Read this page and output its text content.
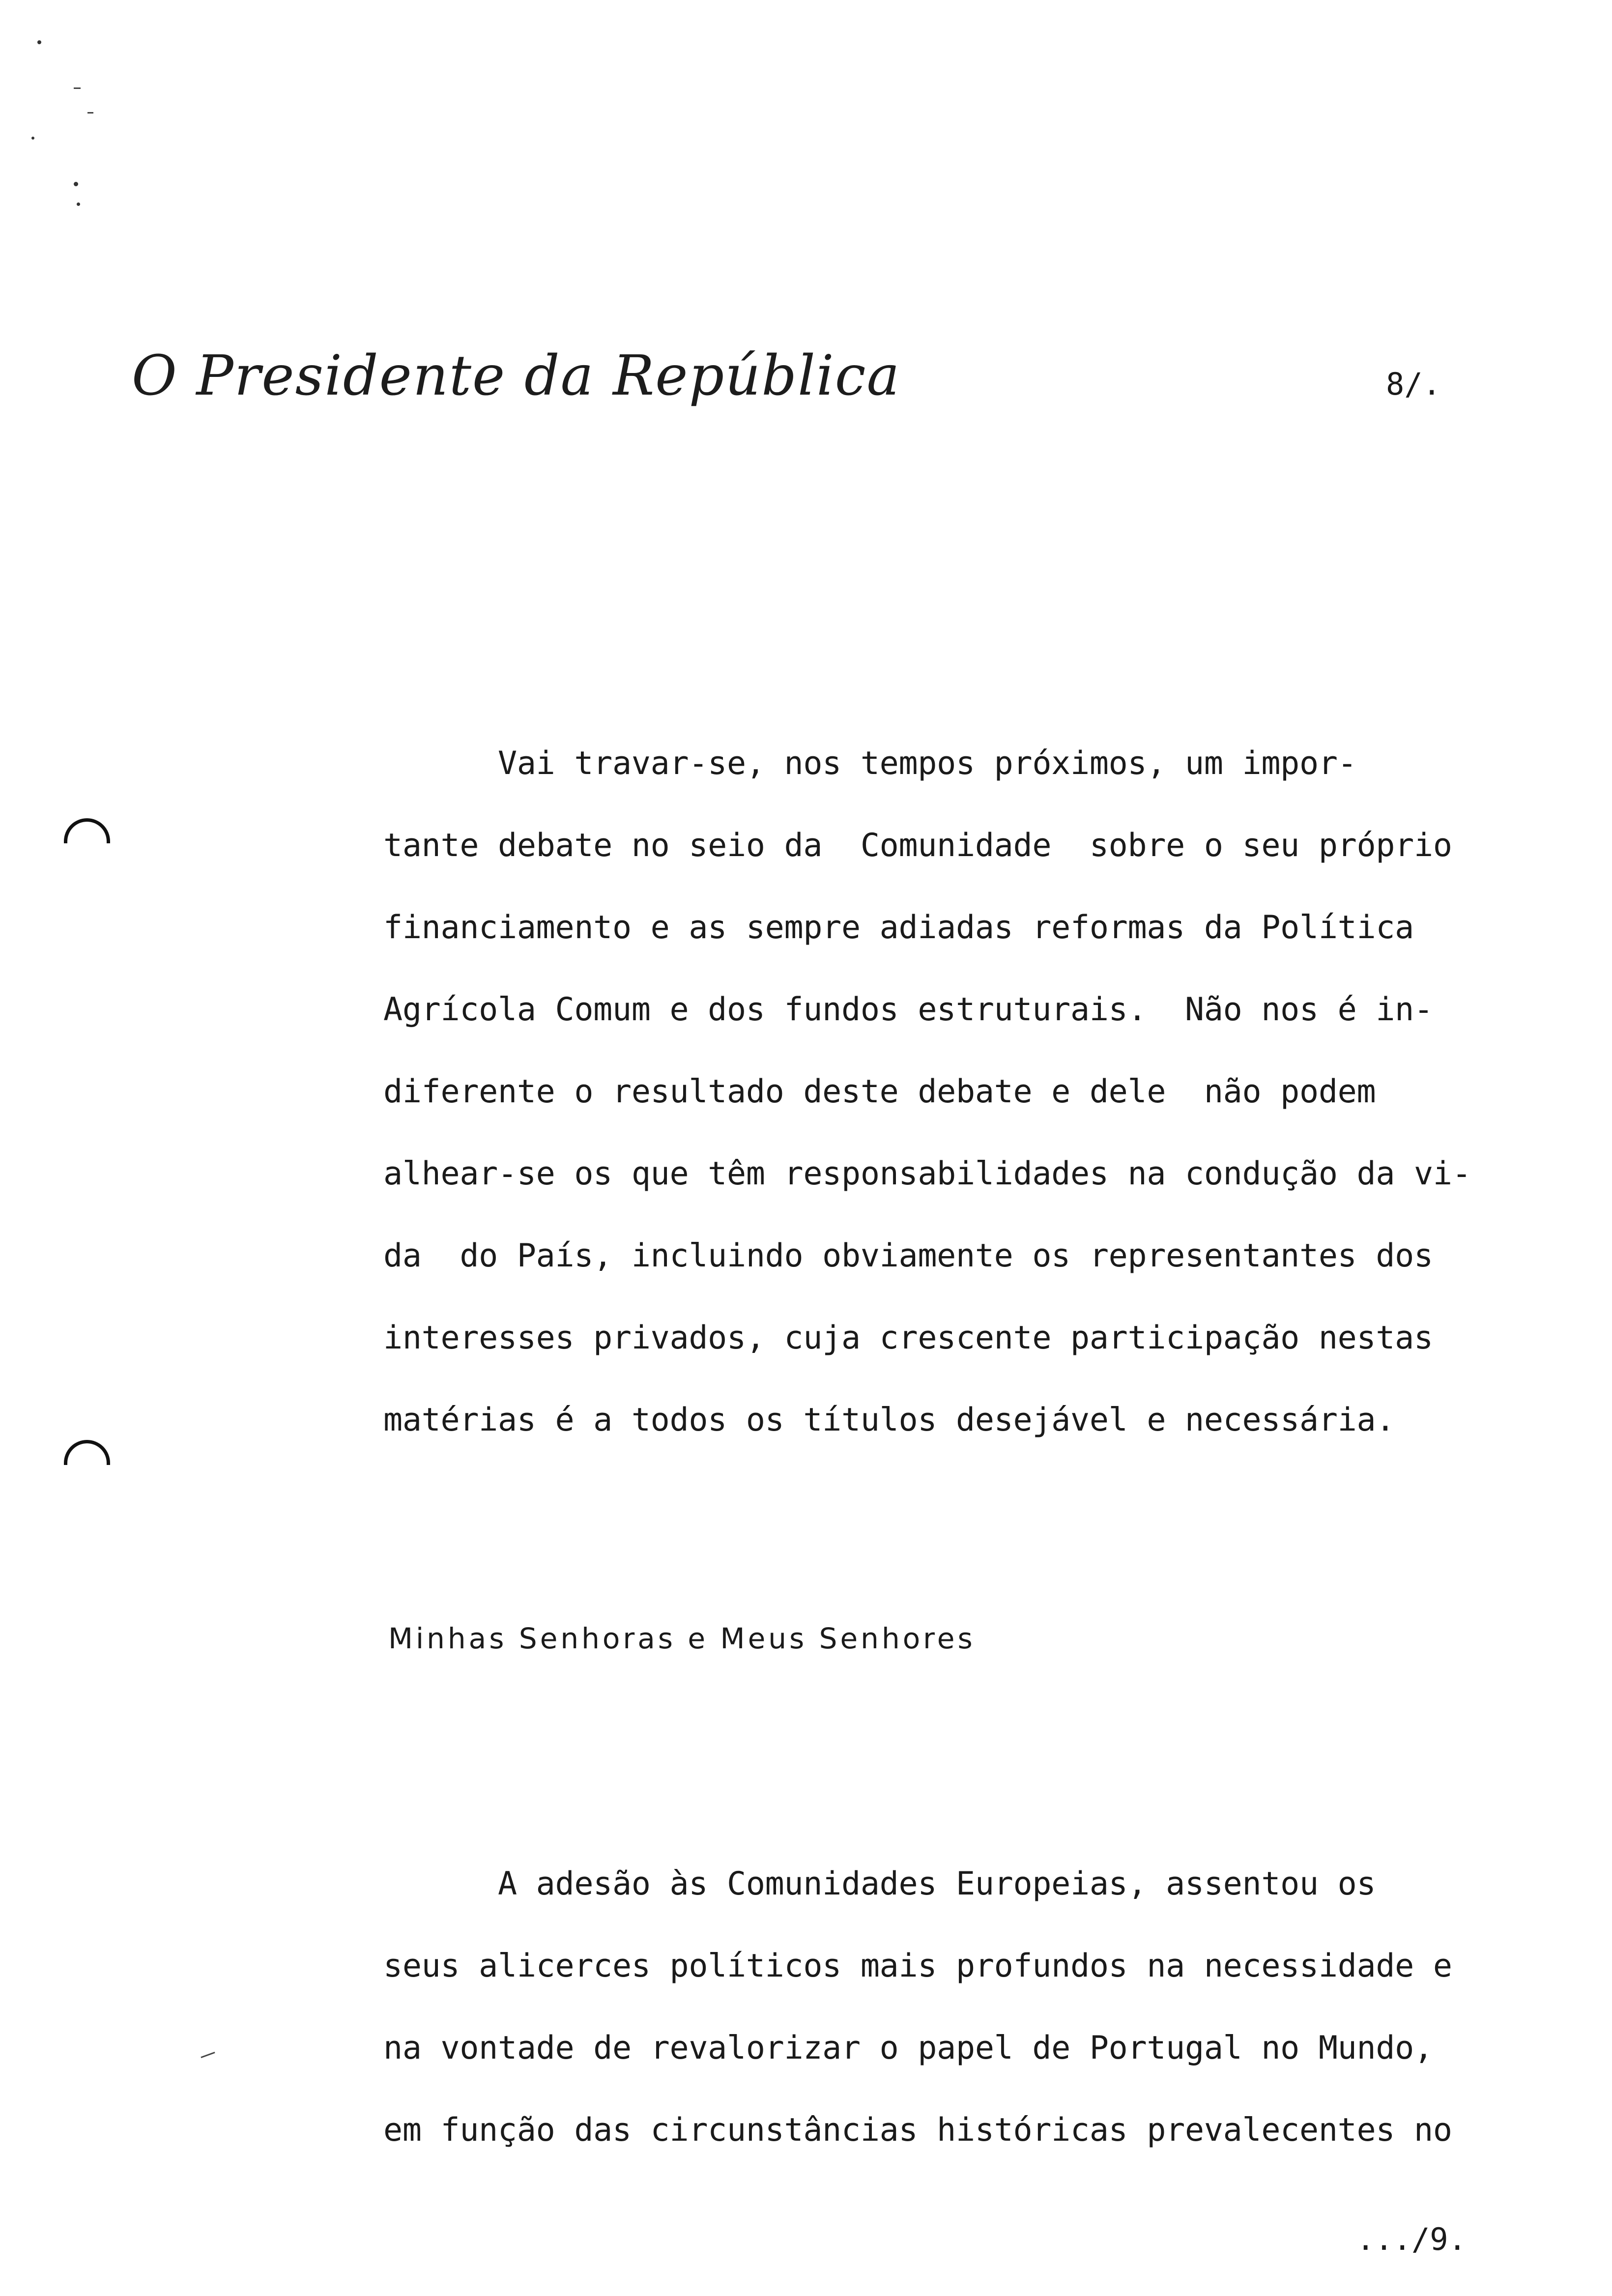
O Presidente da República	8/.
Vai travar-se, nos tempos próximos, um impor-
tante debate no seio da  Comunidade  sobre o seu próprio
financiamento e as sempre adiadas reformas da Política
Agrícola Comum e dos fundos estruturais.  Não nos é in-
diferente o resultado deste debate e dele  não podem
alhear-se os que têm responsabilidades na condução da vi-
da  do País, incluindo obviamente os representantes dos
interesses privados, cuja crescente participação nestas
matérias é a todos os títulos desejável e necessária.
Minhas Senhoras e Meus Senhores
A adesão às Comunidades Europeias, assentou os
seus alicerces políticos mais profundos na necessidade e
na vontade de revalorizar o papel de Portugal no Mundo,
em função das circunstâncias históricas prevalecentes no
.../9.
